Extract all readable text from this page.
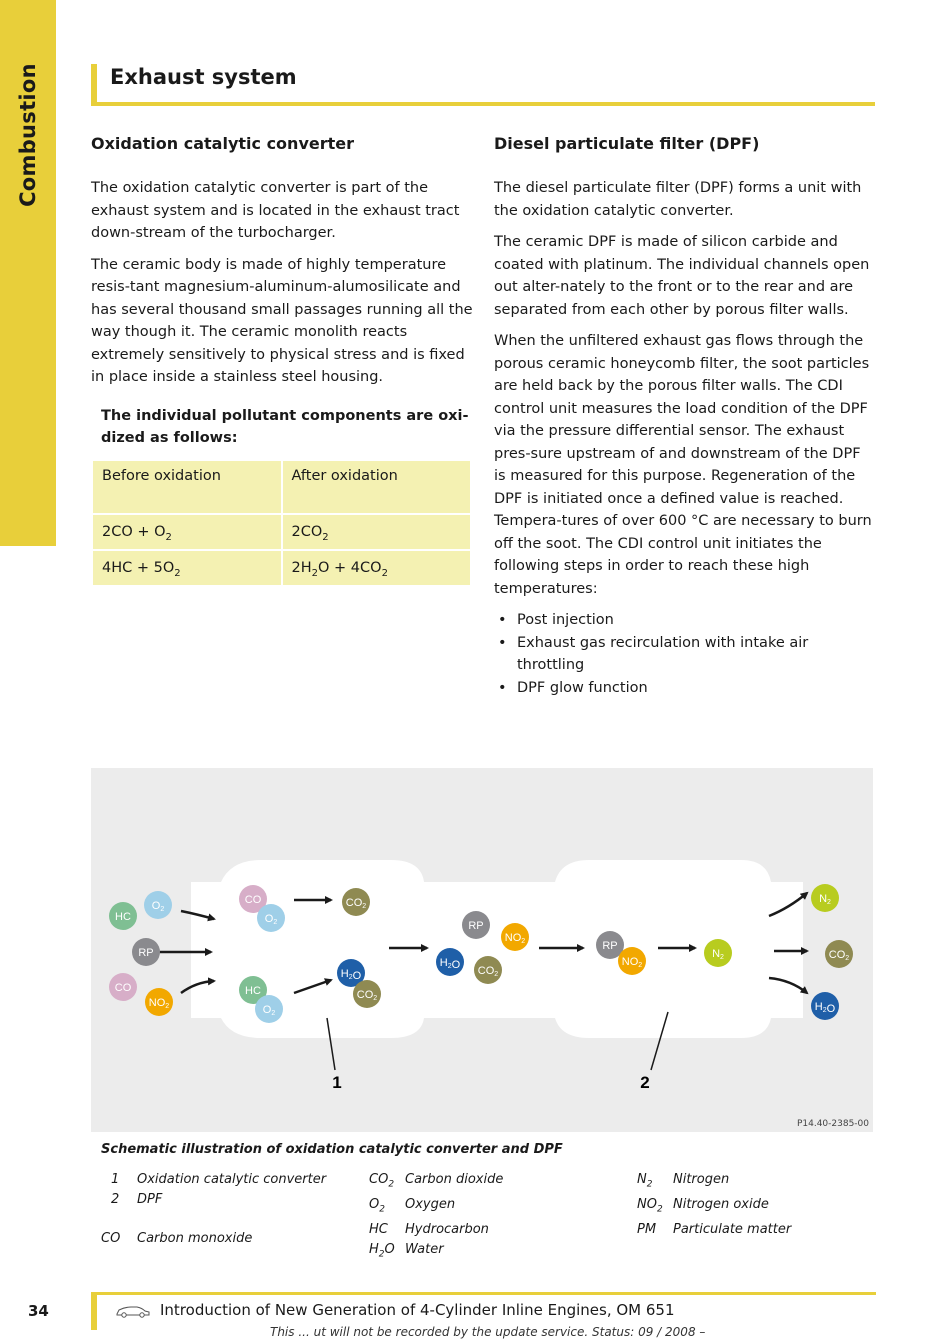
Combustion	Exhaust system
Oxidation catalytic converter

The oxidation catalytic converter is part of the exhaust system and is located in the exhaust tract down-stream of the turbocharger.

The ceramic body is made of highly temperature resis-tant magnesium-aluminum-alumosilicate and has several thousand small passages running all the way though it. The ceramic monolith reacts extremely sensitively to physical stress and is fixed in place inside a stainless steel housing.

The individual pollutant components are oxi-dized as follows:

Before oxidation	After oxidation
$2CO + O_2$	$2CO_2$
$4HC + 5O_2$	$2H_2O + 4CO_2$
Diesel particulate filter (DPF)

The diesel particulate filter (DPF) forms a unit with the oxidation catalytic converter.

The ceramic DPF is made of silicon carbide and coated with platinum. The individual channels open out alter-nately to the front or to the rear and are separated from each other by porous filter walls.

When the unfiltered exhaust gas flows through the porous ceramic honeycomb filter, the soot particles are held back by the porous filter walls. The CDI control unit measures the load condition of the DPF via the pressure differential sensor. The exhaust pres-sure upstream of and downstream of the DPF is measured for this purpose. Regeneration of the DPF is initiated once a defined value is reached. Tempera-tures of over 600 °C are necessary to burn off the soot. The CDI control unit initiates the following steps in order to reach these high temperatures:

• Post injection
• Exhaust gas recirculation with intake air throttling
• DPF glow function
1	2
HC
O2
RP
CO
NO2
CO
O2
CO2
HC
O2
H2O
CO2
RP
NO2
H2O CO2
RP
NO2
N2
N2
CO2
H2O
P14.40-2385-00
Schematic illustration of oxidation catalytic converter and DPF
1 Oxidation catalytic converter
2 DPF

CO Carbon monoxide
$CO_2$ Carbon dioxide
$O_2$ Oxygen
HC Hydrocarbon
$H_2O$ Water
$N_2$ Nitrogen
$NO_2$ Nitrogen oxide
PM Particulate matter
34	Introduction of New Generation of 4-Cylinder Inline Engines, OM 651
This ... ut will not be recorded by the update service. Status: 09 / 2008 –
